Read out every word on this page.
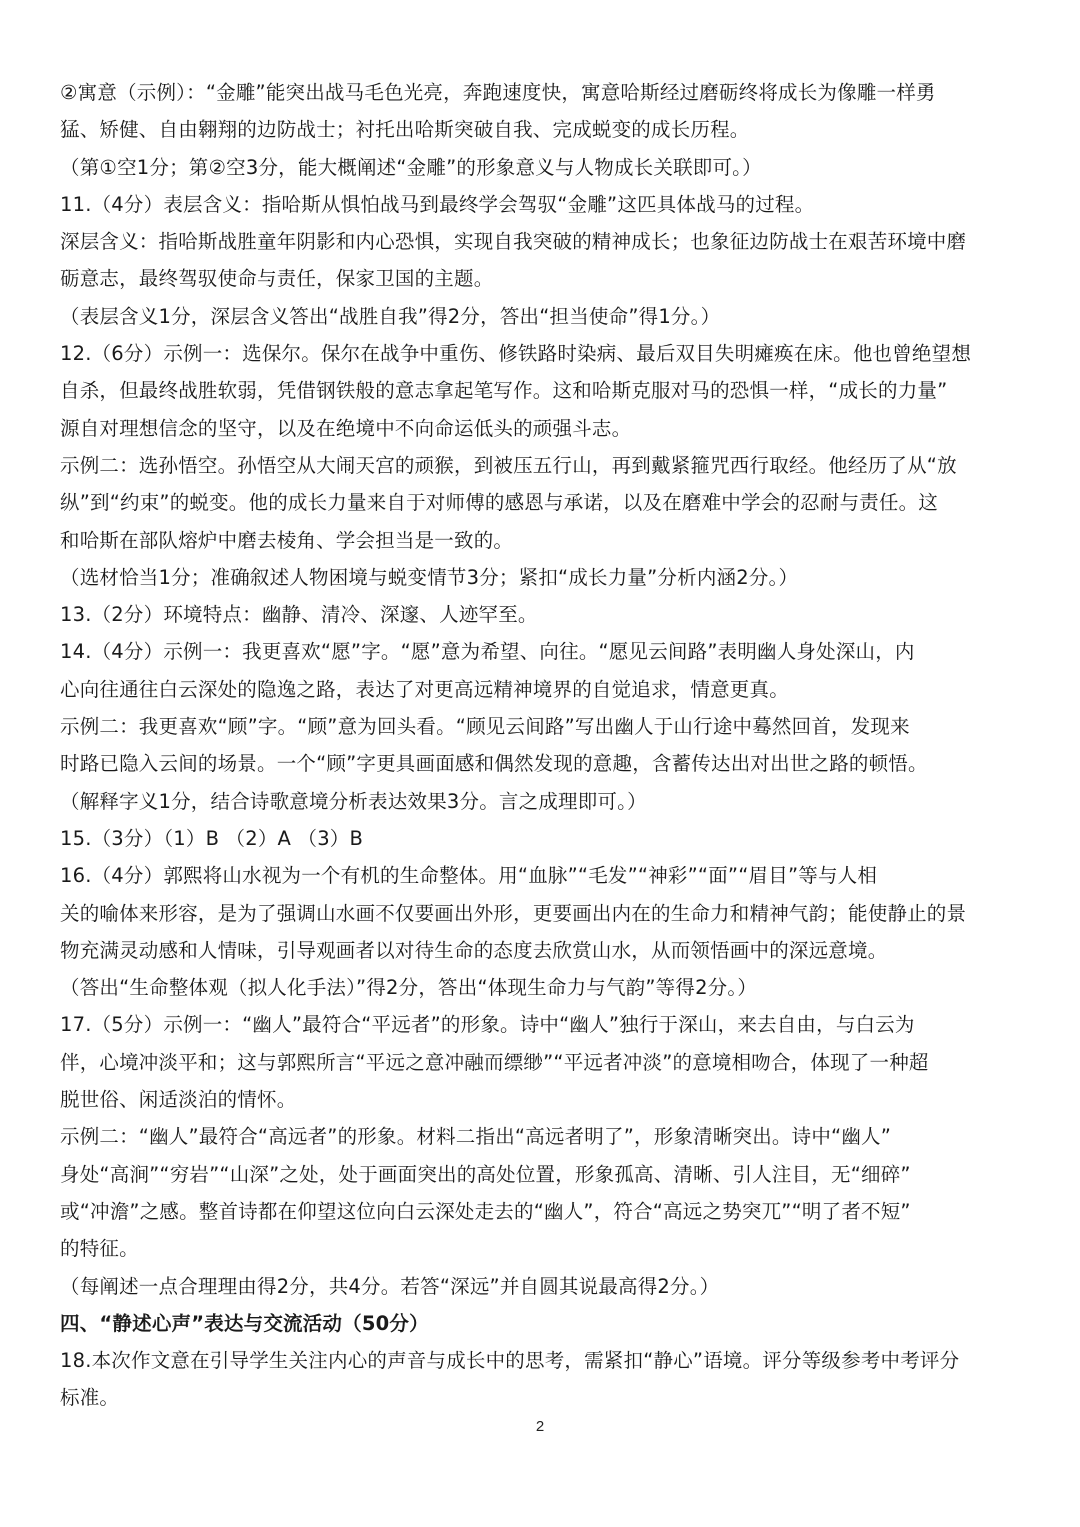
②寓意（示例）：“金雕”能突出战马毛色光亮，奔跑速度快，寓意哈斯经过磨砺终将成长为像雕一样勇
猛、矫健、自由翱翔的边防战士；衬托出哈斯突破自我、完成蜕变的成长历程。
（第①空1分；第②空3分，能大概阐述“金雕”的形象意义与人物成长关联即可。）
11.（4分）表层含义：指哈斯从惧怕战马到最终学会驾驭“金雕”这匹具体战马的过程。
深层含义：指哈斯战胜童年阴影和内心恐惧，实现自我突破的精神成长；也象征边防战士在艰苦环境中磨
砺意志，最终驾驭使命与责任，保家卫国的主题。
（表层含义1分，深层含义答出“战胜自我”得2分，答出“担当使命”得1分。）
12.（6分）示例一：选保尔。保尔在战争中重伤、修铁路时染病、最后双目失明瘫痪在床。他也曾绝望想
自杀，但最终战胜软弱，凭借钢铁般的意志拿起笔写作。这和哈斯克服对马的恐惧一样，“成长的力量”
源自对理想信念的坚守，以及在绝境中不向命运低头的顽强斗志。
示例二：选孙悟空。孙悟空从大闹天宫的顽猴，到被压五行山，再到戴紧箍咒西行取经。他经历了从“放
纵”到“约束”的蜕变。他的成长力量来自于对师傅的感恩与承诺，以及在磨难中学会的忍耐与责任。这
和哈斯在部队熔炉中磨去棱角、学会担当是一致的。
（选材恰当1分；准确叙述人物困境与蜕变情节3分；紧扣“成长力量”分析内涵2分。）
13.（2分）环境特点：幽静、清冷、深邃、人迹罕至。
14.（4分）示例一：我更喜欢“愿”字。“愿”意为希望、向往。“愿见云间路”表明幽人身处深山，内
心向往通往白云深处的隐逸之路，表达了对更高远精神境界的自觉追求，情意更真。
示例二：我更喜欢“顾”字。“顾”意为回头看。“顾见云间路”写出幽人于山行途中蓦然回首，发现来
时路已隐入云间的场景。一个“顾”字更具画面感和偶然发现的意趣，含蓄传达出对出世之路的顿悟。
（解释字义1分，结合诗歌意境分析表达效果3分。言之成理即可。）
15.（3分）（1）B （2）A （3）B
16.（4分）郭熙将山水视为一个有机的生命整体。用“血脉”“毛发”“神彩”“面”“眉目”等与人相
关的喻体来形容，是为了强调山水画不仅要画出外形，更要画出内在的生命力和精神气韵；能使静止的景
物充满灵动感和人情味，引导观画者以对待生命的态度去欣赏山水，从而领悟画中的深远意境。
（答出“生命整体观（拟人化手法）”得2分，答出“体现生命力与气韵”等得2分。）
17.（5分）示例一：“幽人”最符合“平远者”的形象。诗中“幽人”独行于深山，来去自由，与白云为
伴，心境冲淡平和；这与郭熙所言“平远之意冲融而缥缈”“平远者冲淡”的意境相吻合，体现了一种超
脱世俗、闲适淡泊的情怀。
示例二：“幽人”最符合“高远者”的形象。材料二指出“高远者明了”，形象清晰突出。诗中“幽人”
身处“高涧”“穷岩”“山深”之处，处于画面突出的高处位置，形象孤高、清晰、引人注目，无“细碎”
或“冲澹”之感。整首诗都在仰望这位向白云深处走去的“幽人”，符合“高远之势突兀”“明了者不短”
的特征。
（每阐述一点合理理由得2分，共4分。若答“深远”并自圆其说最高得2分。）
四、“静述心声”表达与交流活动（50分）
18.本次作文意在引导学生关注内心的声音与成长中的思考，需紧扣“静心”语境。评分等级参考中考评分
标准。
2
